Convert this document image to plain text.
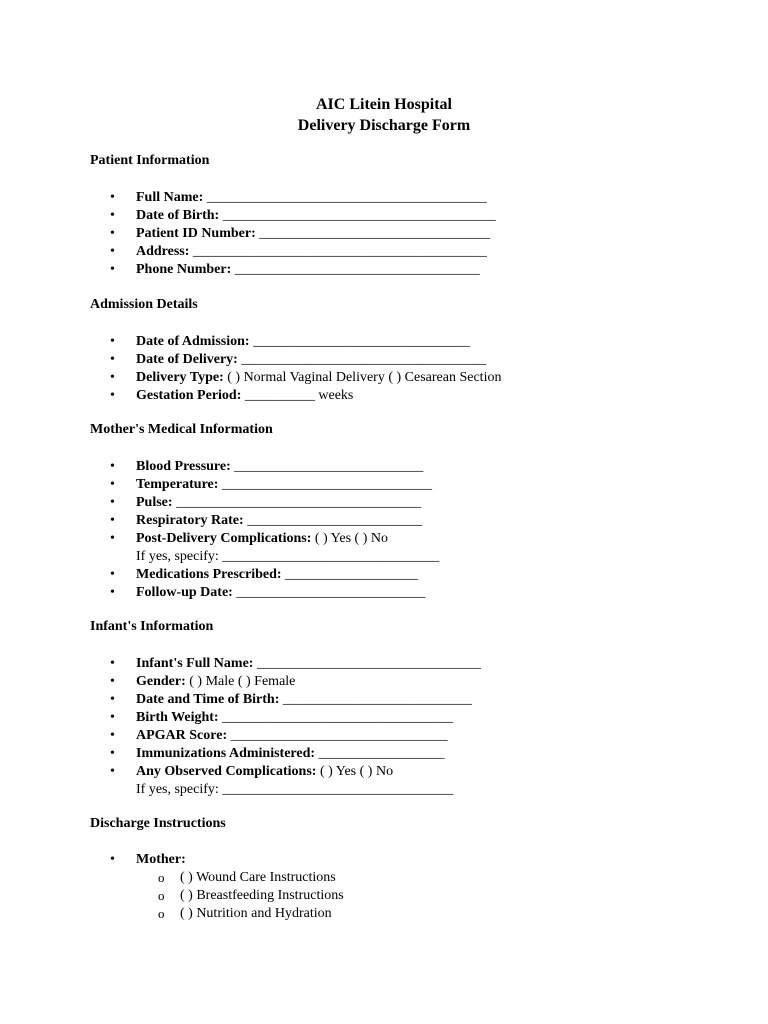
AIC Litein Hospital

Delivery Discharge Form

Patient Information

• Full Name: ________________________________________
• Date of Birth: _______________________________________
• Patient ID Number: _________________________________
• Address: __________________________________________
• Phone Number: ___________________________________

Admission Details

• Date of Admission: _______________________________
• Date of Delivery: ___________________________________
• Delivery Type: ( ) Normal Vaginal Delivery ( ) Cesarean Section
• Gestation Period: __________ weeks

Mother's Medical Information

• Blood Pressure: ___________________________
• Temperature: ______________________________
• Pulse: ___________________________________
• Respiratory Rate: _________________________
• Post-Delivery Complications: ( ) Yes ( ) No
If yes, specify: _______________________________
• Medications Prescribed: ___________________
• Follow-up Date: ___________________________

Infant's Information

• Infant's Full Name: ________________________________
• Gender: ( ) Male ( ) Female
• Date and Time of Birth: ___________________________
• Birth Weight: _________________________________
• APGAR Score: _______________________________
• Immunizations Administered: __________________
• Any Observed Complications: ( ) Yes ( ) No
If yes, specify: _________________________________

Discharge Instructions

• Mother:
o ( ) Wound Care Instructions
o ( ) Breastfeeding Instructions
o ( ) Nutrition and Hydration
